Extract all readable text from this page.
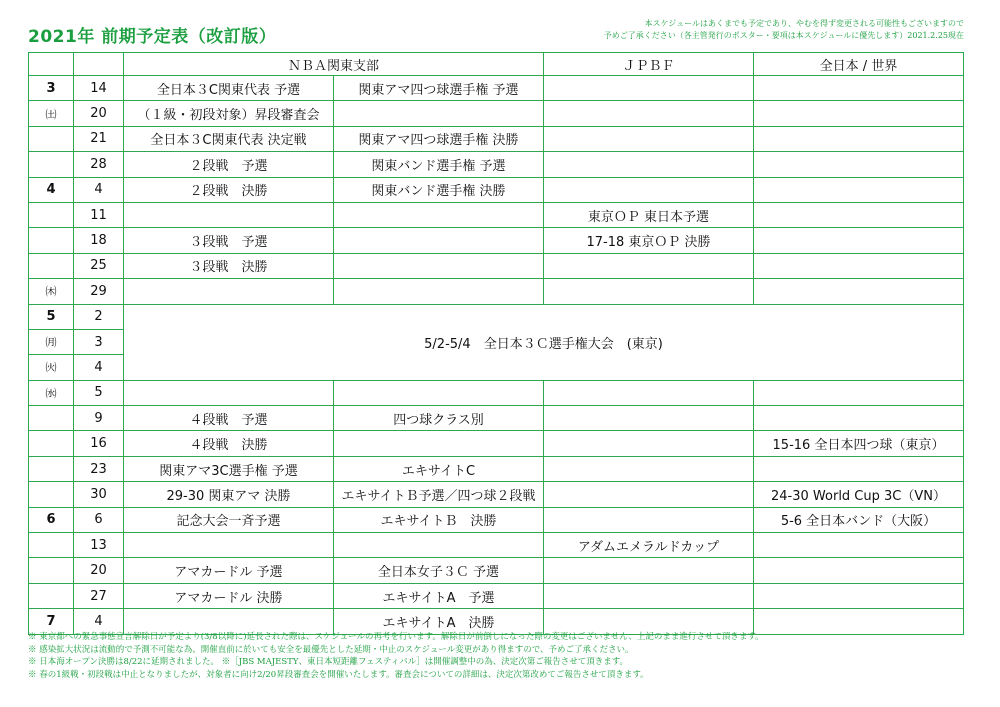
2021年 前期予定表（改訂版）
本スケジュールはあくまでも予定であり、やむを得ず変更される可能性もございますので
予めご了承ください（各主管発行のポスター・要項は本スケジュールに優先します）2021.2.25現在
		ＮＢＡ関東支部		ＪＰＢＦ	全日本 / 世界
3	14	全日本３C関東代表 予選	関東アマ四つ球選手権 予選		
㈯	20	（１級・初段対象）昇段審査会			
	21	全日本３C関東代表 決定戦	関東アマ四つ球選手権 決勝		
	28	２段戦　予選	関東バンド選手権 予選		
4	4	２段戦　決勝	関東バンド選手権 決勝		
	11			東京ＯＰ 東日本予選	
	18	３段戦　予選		17-18 東京ＯＰ 決勝	
	25	３段戦　決勝			
㈭	29				
5	2	5/2-5/4　全日本３Ｃ選手権大会　(東京)			
㈪	3				
㈫	4				
㈬	5				
	9	４段戦　予選	四つ球クラス別		
	16	４段戦　決勝			15-16 全日本四つ球（東京）
	23	関東アマ3C選手権 予選	エキサイトC		
	30	29-30 関東アマ 決勝	エキサイトＢ予選／四つ球２段戦		24-30 World Cup 3C（VN）
6	6	記念大会一斉予選	エキサイトＢ　決勝		5-6 全日本バンド（大阪）
	13			アダムエメラルドカップ	
	20	アマカードル 予選	全日本女子３Ｃ 予選		
	27	アマカードル 決勝	エキサイトA　予選		
7	4		エキサイトA　決勝		
※ 東京都への緊急事態宣言解除日が予定より(3/8以降に)延長された際は、スケジュールの再考を行います。解除日が前倒しになった際の変更はございません、上記のまま進行させて頂きます。
※ 感染拡大状況は流動的で予測不可能な為、開催直前に於いても安全を最優先とした延期・中止のスケジュール変更があり得ますので、予めご了承ください。
※ 日本海オープン決勝は8/22に延期されました。 ※［JBS MAJESTY、東日本短距離フェスティバル］は開催調整中の為、決定次第ご報告させて頂きます。
※ 春の1級戦・初段戦は中止となりましたが、対象者に向け2/20昇段審査会を開催いたします。審査会についての詳細は、決定次第改めてご報告させて頂きます。
